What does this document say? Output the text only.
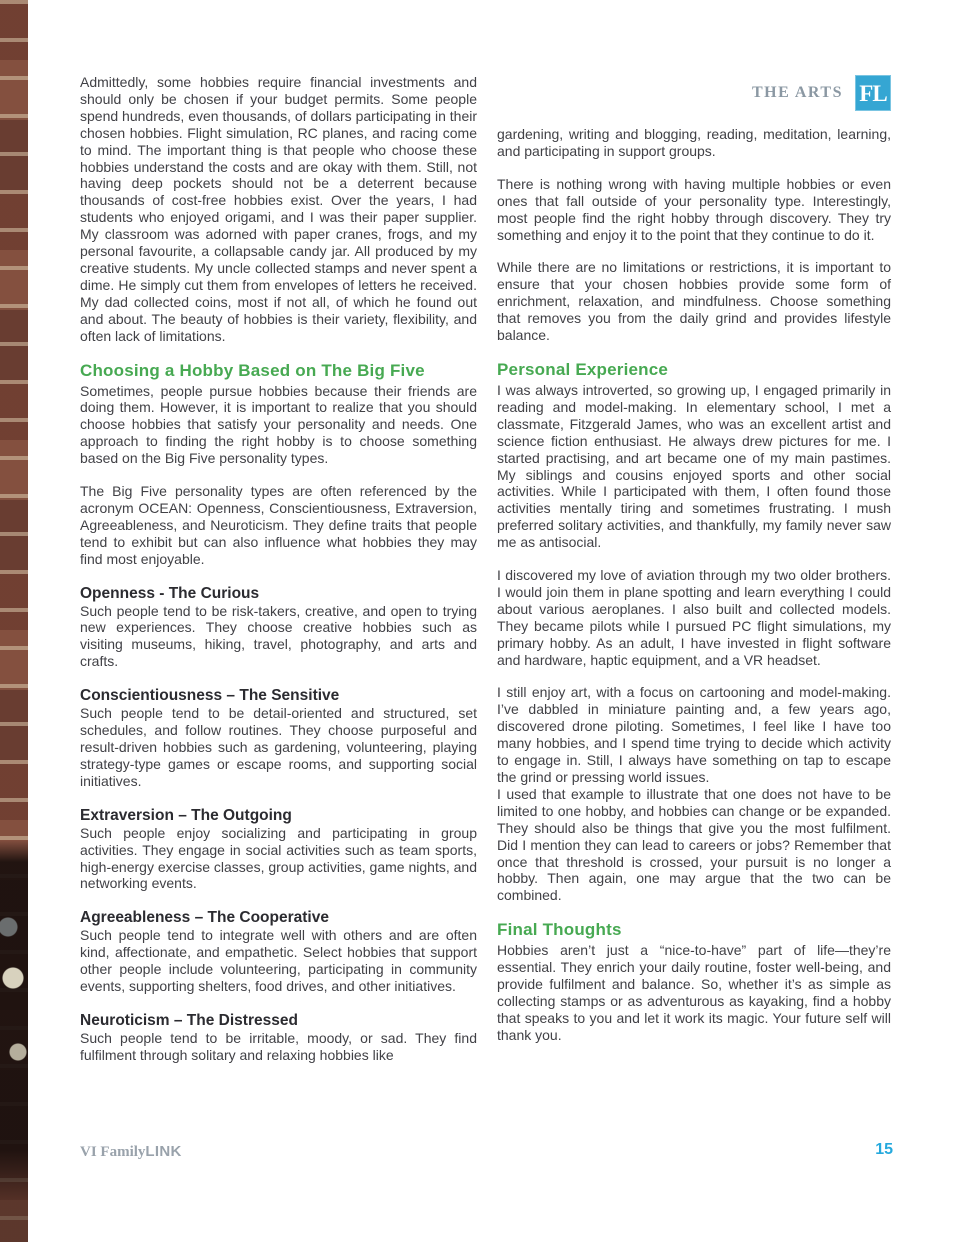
Admittedly, some hobbies require financial investments and should only be chosen if your budget permits. Some people spend hundreds, even thousands, of dollars participating in their chosen hobbies. Flight simulation, RC planes, and racing come to mind. The important thing is that people who choose these hobbies understand the costs and are okay with them. Still, not having deep pockets should not be a deterrent because thousands of cost-free hobbies exist. Over the years, I had students who enjoyed origami, and I was their paper supplier. My classroom was adorned with paper cranes, frogs, and my personal favourite, a collapsable candy jar. All produced by my creative students. My uncle collected stamps and never spent a dime. He simply cut them from envelopes of letters he received. My dad collected coins, most if not all, of which he found out and about. The beauty of hobbies is their variety, flexibility, and often lack of limitations.
Choosing a Hobby Based on The Big Five
Sometimes, people pursue hobbies because their friends are doing them. However, it is important to realize that you should choose hobbies that satisfy your personality and needs. One approach to finding the right hobby is to choose something based on the Big Five personality types.
The Big Five personality types are often referenced by the acronym OCEAN: Openness, Conscientiousness, Extraversion, Agreeableness, and Neuroticism. They define traits that people tend to exhibit but can also influence what hobbies they may find most enjoyable.
Openness - The Curious
Such people tend to be risk-takers, creative, and open to trying new experiences. They choose creative hobbies such as visiting museums, hiking, travel, photography, and arts and crafts.
Conscientiousness – The Sensitive
Such people tend to be detail-oriented and structured, set schedules, and follow routines. They choose purposeful and result-driven hobbies such as gardening, volunteering, playing strategy-type games or escape rooms, and supporting social initiatives.
Extraversion – The Outgoing
Such people enjoy socializing and participating in group activities. They engage in social activities such as team sports, high-energy exercise classes, group activities, game nights, and networking events.
Agreeableness – The Cooperative
Such people tend to integrate well with others and are often kind, affectionate, and empathetic. Select hobbies that support other people include volunteering, participating in community events, supporting shelters, food drives, and other initiatives.
Neuroticism – The Distressed
Such people tend to be irritable, moody, or sad. They find fulfilment through solitary and relaxing hobbies like
THE ARTS FL
gardening, writing and blogging, reading, meditation, learning, and participating in support groups.
There is nothing wrong with having multiple hobbies or even ones that fall outside of your personality type. Interestingly, most people find the right hobby through discovery. They try something and enjoy it to the point that they continue to do it.
While there are no limitations or restrictions, it is important to ensure that your chosen hobbies provide some form of enrichment, relaxation, and mindfulness. Choose something that removes you from the daily grind and provides lifestyle balance.
Personal Experience
I was always introverted, so growing up, I engaged primarily in reading and model-making. In elementary school, I met a classmate, Fitzgerald James, who was an excellent artist and science fiction enthusiast. He always drew pictures for me. I started practising, and art became one of my main pastimes. My siblings and cousins enjoyed sports and other social activities. While I participated with them, I often found those activities mentally tiring and sometimes frustrating. I mush preferred solitary activities, and thankfully, my family never saw me as antisocial.
I discovered my love of aviation through my two older brothers. I would join them in plane spotting and learn everything I could about various aeroplanes. I also built and collected models. They became pilots while I pursued PC flight simulations, my primary hobby. As an adult, I have invested in flight software and hardware, haptic equipment, and a VR headset.
I still enjoy art, with a focus on cartooning and model-making. I’ve dabbled in miniature painting and, a few years ago, discovered drone piloting. Sometimes, I feel like I have too many hobbies, and I spend time trying to decide which activity to engage in. Still, I always have something on tap to escape the grind or pressing world issues.
I used that example to illustrate that one does not have to be limited to one hobby, and hobbies can change or be expanded. They should also be things that give you the most fulfilment. Did I mention they can lead to careers or jobs? Remember that once that threshold is crossed, your pursuit is no longer a hobby. Then again, one may argue that the two can be combined.
Final Thoughts
Hobbies aren’t just a “nice-to-have” part of life—they’re essential. They enrich your daily routine, foster well-being, and provide fulfilment and balance. So, whether it’s as simple as collecting stamps or as adventurous as kayaking, find a hobby that speaks to you and let it work its magic. Your future self will thank you.
VI FamilyLINK	15
